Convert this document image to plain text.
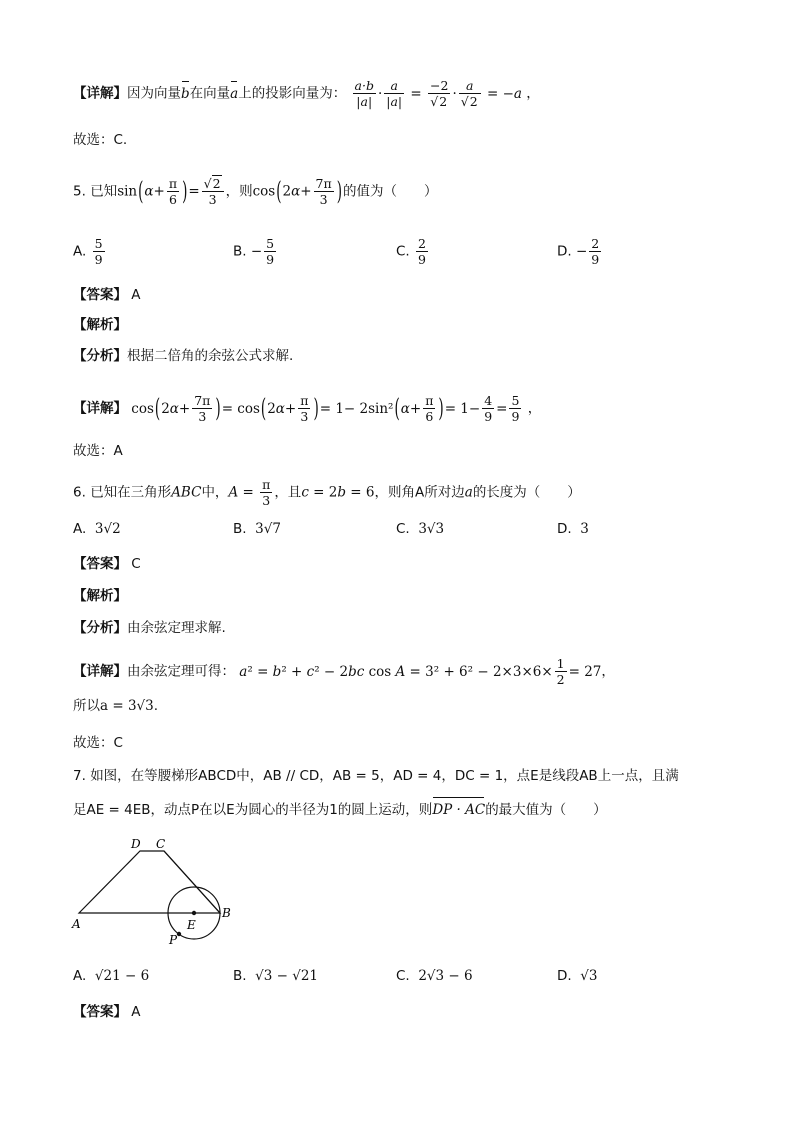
【详解】因为向量b在向量a上的投影向量为： $\frac{a\cdot b}{|a|} \cdot \frac{a}{|a|} = \frac{-2}{√2} \cdot \frac{a}{√2} = -a$ ，
故选：C.
5. 已知$\sin(\alpha+ \frac{\pi}{6}$ )= $\frac{√2}{3}$ ，则$\cos(2\alpha+ \frac{7\pi}{3}$ )的值为（　　）
A. $\frac{5}{9}$	B. − $\frac{5}{9}$	C. $\frac{2}{9}$	D. − $\frac{2}{9}$
【答案】 A
【解析】
【分析】根据二倍角的余弦公式求解.
【详解】 $\cos(2\alpha+ \frac{7\pi}{3}$ )= $\cos(2\alpha+ \frac{\pi}{3}$ )= $1- 2\sin^2(\alpha+ \frac{\pi}{6}$ )= $1- \frac{4}{9} = \frac{5}{9}$ ，
故选：A
6. 已知在三角形ABC中，$A = \frac{\pi}{3}$ ，且c = 2b = 6，则角A所对边a的长度为（　　）
A. 3√2	B. 3√7	C. 3√3	D. 3
【答案】 C
【解析】
【分析】由余弦定理求解.
【详解】由余弦定理可得： a² = b² + c² − 2bc $\cos A = 3^2 + 6^2 - 2\times 3\times 6\times \frac{1}{2} = 27$，
所以a = 3√3.
故选：C
7. 如图，在等腰梯形ABCD中，AB // CD，AB = 5，AD = 4，DC = 1，点E是线段AB上一点，且满
足AE = 4EB，动点P在以E为圆心的半径为1的圆上运动，则DP · AC的最大值为（　　）
D C
A
B
E
P
A. √21 − 6	B. √3 − √21	C. 2√3 − 6	D. √3
【答案】 A
